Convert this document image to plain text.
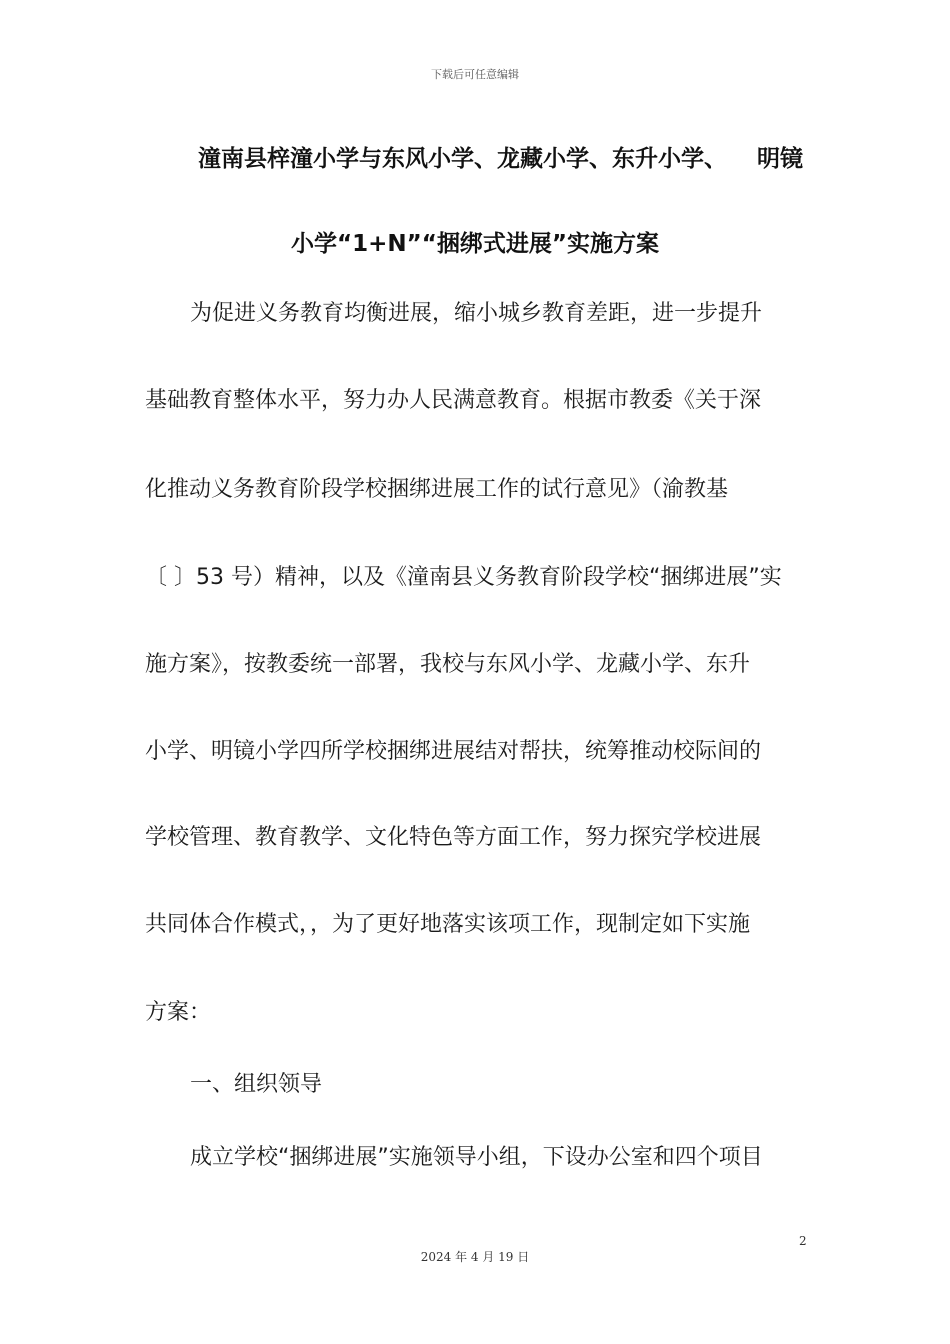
下载后可任意编辑
潼南县梓潼小学与东风小学、龙藏小学、东升小学、 明镜
小学“1+N”“捆绑式进展”实施方案
为促进义务教育均衡进展，缩小城乡教育差距，进一步提升
基础教育整体水平，努力办人民满意教育。根据市教委《关于深
化推动义务教育阶段学校捆绑进展工作的试行意见》（渝教基
〔 〕53 号）精神，以及《潼南县义务教育阶段学校“捆绑进展”实
施方案》，按教委统一部署，我校与东风小学、龙藏小学、东升
小学、明镜小学四所学校捆绑进展结对帮扶，统筹推动校际间的
学校管理、教育教学、文化特色等方面工作，努力探究学校进展
共同体合作模式，，为了更好地落实该项工作，现制定如下实施
方案：
一、组织领导
成立学校“捆绑进展”实施领导小组，下设办公室和四个项目
2
2024 年 4 月 19 日
